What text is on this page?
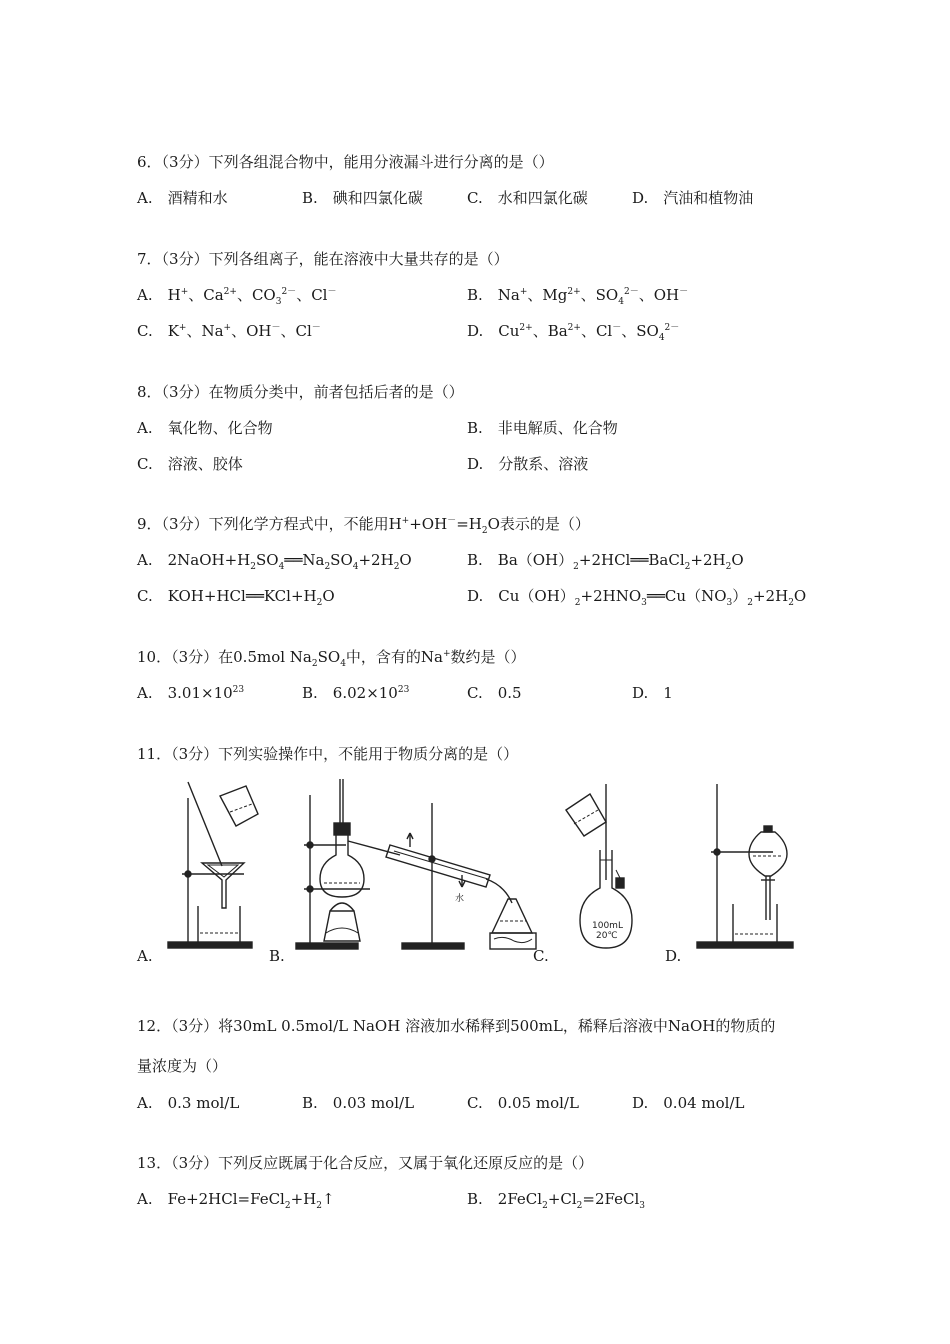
6．（3分）下列各组混合物中，能用分液漏斗进行分离的是（）
A.　酒精和水	B.　碘和四氯化碳	C.　水和四氯化碳	D.　汽油和植物油
7．（3分）下列各组离子，能在溶液中大量共存的是（）
A.　H+、$Ca^{2+}$、$CO_3^{2-}$、Cl－	B.　Na+、$Mg^{2+}$、$SO_4^{2-}$、OH－
C.　K+、Na+、OH－、Cl－	D.　$Cu^{2+}$、$Ba^{2+}$、Cl－、$SO_4^{2-}$
8．（3分）在物质分类中，前者包括后者的是（）
A.　氧化物、化合物	B.　非电解质、化合物
C.　溶液、胶体	D.　分散系、溶液
9．（3分）下列化学方程式中，不能用$H^++OH^-=H_2O$表示的是（）
A.　$2NaOH+H_2SO_4══Na_2SO_4+2H_2O$	B.　$Ba(OH)_2+2HCl══BaCl_2+2H_2O$
C.　$KOH+HCl══KCl+H_2O$	D.　$Cu(OH)_2+2HNO_3══Cu(NO_3)_2+2H_2O$
10．（3分）在0.5mol $Na_2SO_4$中，含有的Na+数约是（）
A.　$3.01\times 10^{23}$	B.　$6.02\times 10^{23}$	C.　0.5	D.　1
11．（3分）下列实验操作中，不能用于物质分离的是（）
A.
水
B.
100mL
20℃
C.	D.
12．（3分）将30mL 0.5mol/L NaOH 溶液加水稀释到500mL，稀释后溶液中NaOH的物质的
量浓度为（）
A.　0.3 mol/L	B.　0.03 mol/L	C.　0.05 mol/L	D.　0.04 mol/L
13．（3分）下列反应既属于化合反应，又属于氧化还原反应的是（）
A.　$Fe+2HCl=FeCl_2+H_2↑$	B.　$2FeCl_2+Cl_2=2FeCl_3$
